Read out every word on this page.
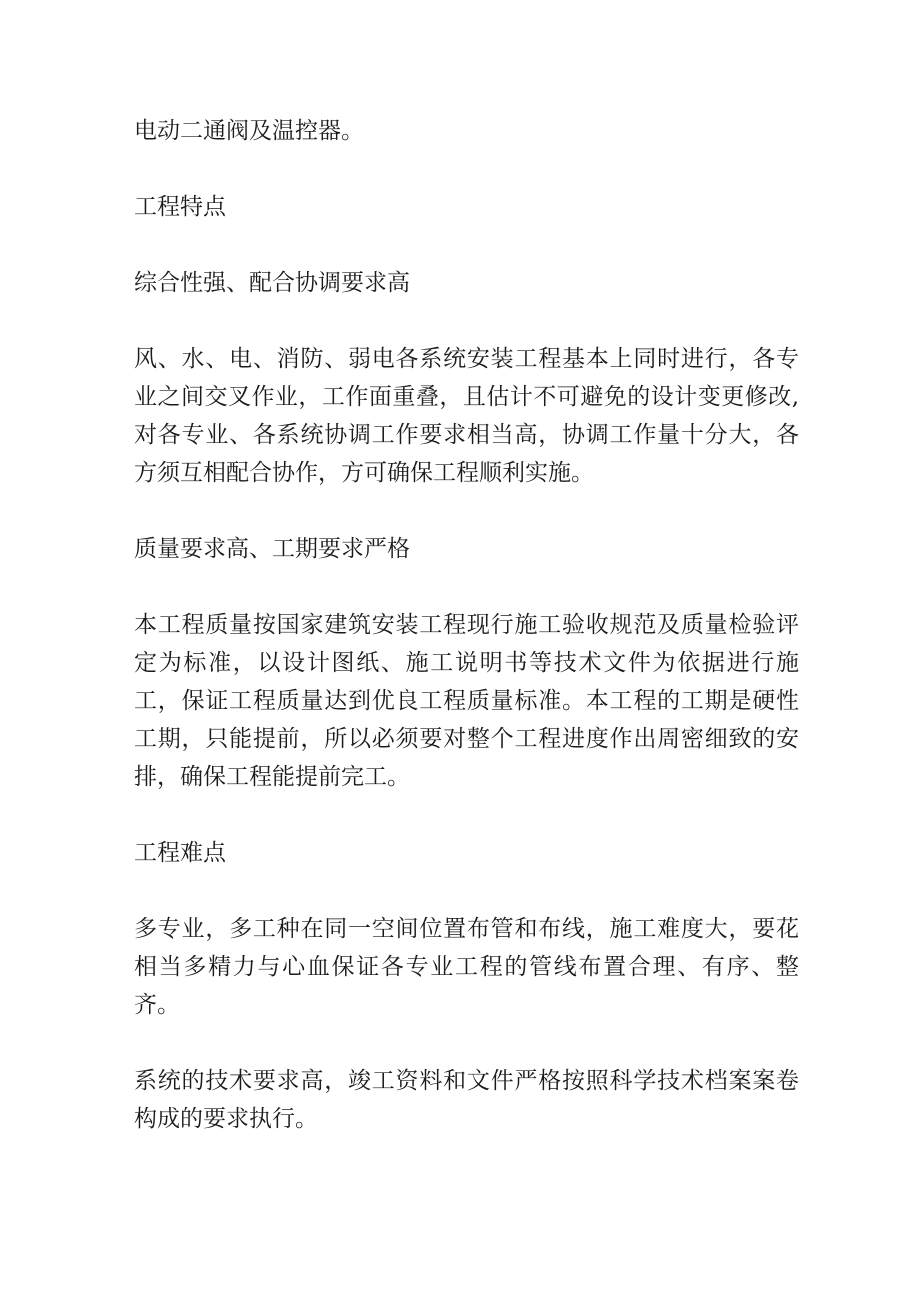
电动二通阀及温控器。

工程特点

综合性强、配合协调要求高

风、水、电、消防、弱电各系统安装工程基本上同时进行，各专业之间交叉作业，工作面重叠，且估计不可避免的设计变更修改,对各专业、各系统协调工作要求相当高，协调工作量十分大，各方须互相配合协作，方可确保工程顺利实施。

质量要求高、工期要求严格

本工程质量按国家建筑安装工程现行施工验收规范及质量检验评定为标准，以设计图纸、施工说明书等技术文件为依据进行施工，保证工程质量达到优良工程质量标准。本工程的工期是硬性工期，只能提前，所以必须要对整个工程进度作出周密细致的安排，确保工程能提前完工。

工程难点

多专业，多工种在同一空间位置布管和布线，施工难度大，要花相当多精力与心血保证各专业工程的管线布置合理、有序、整齐。

系统的技术要求高，竣工资料和文件严格按照科学技术档案案卷构成的要求执行。
